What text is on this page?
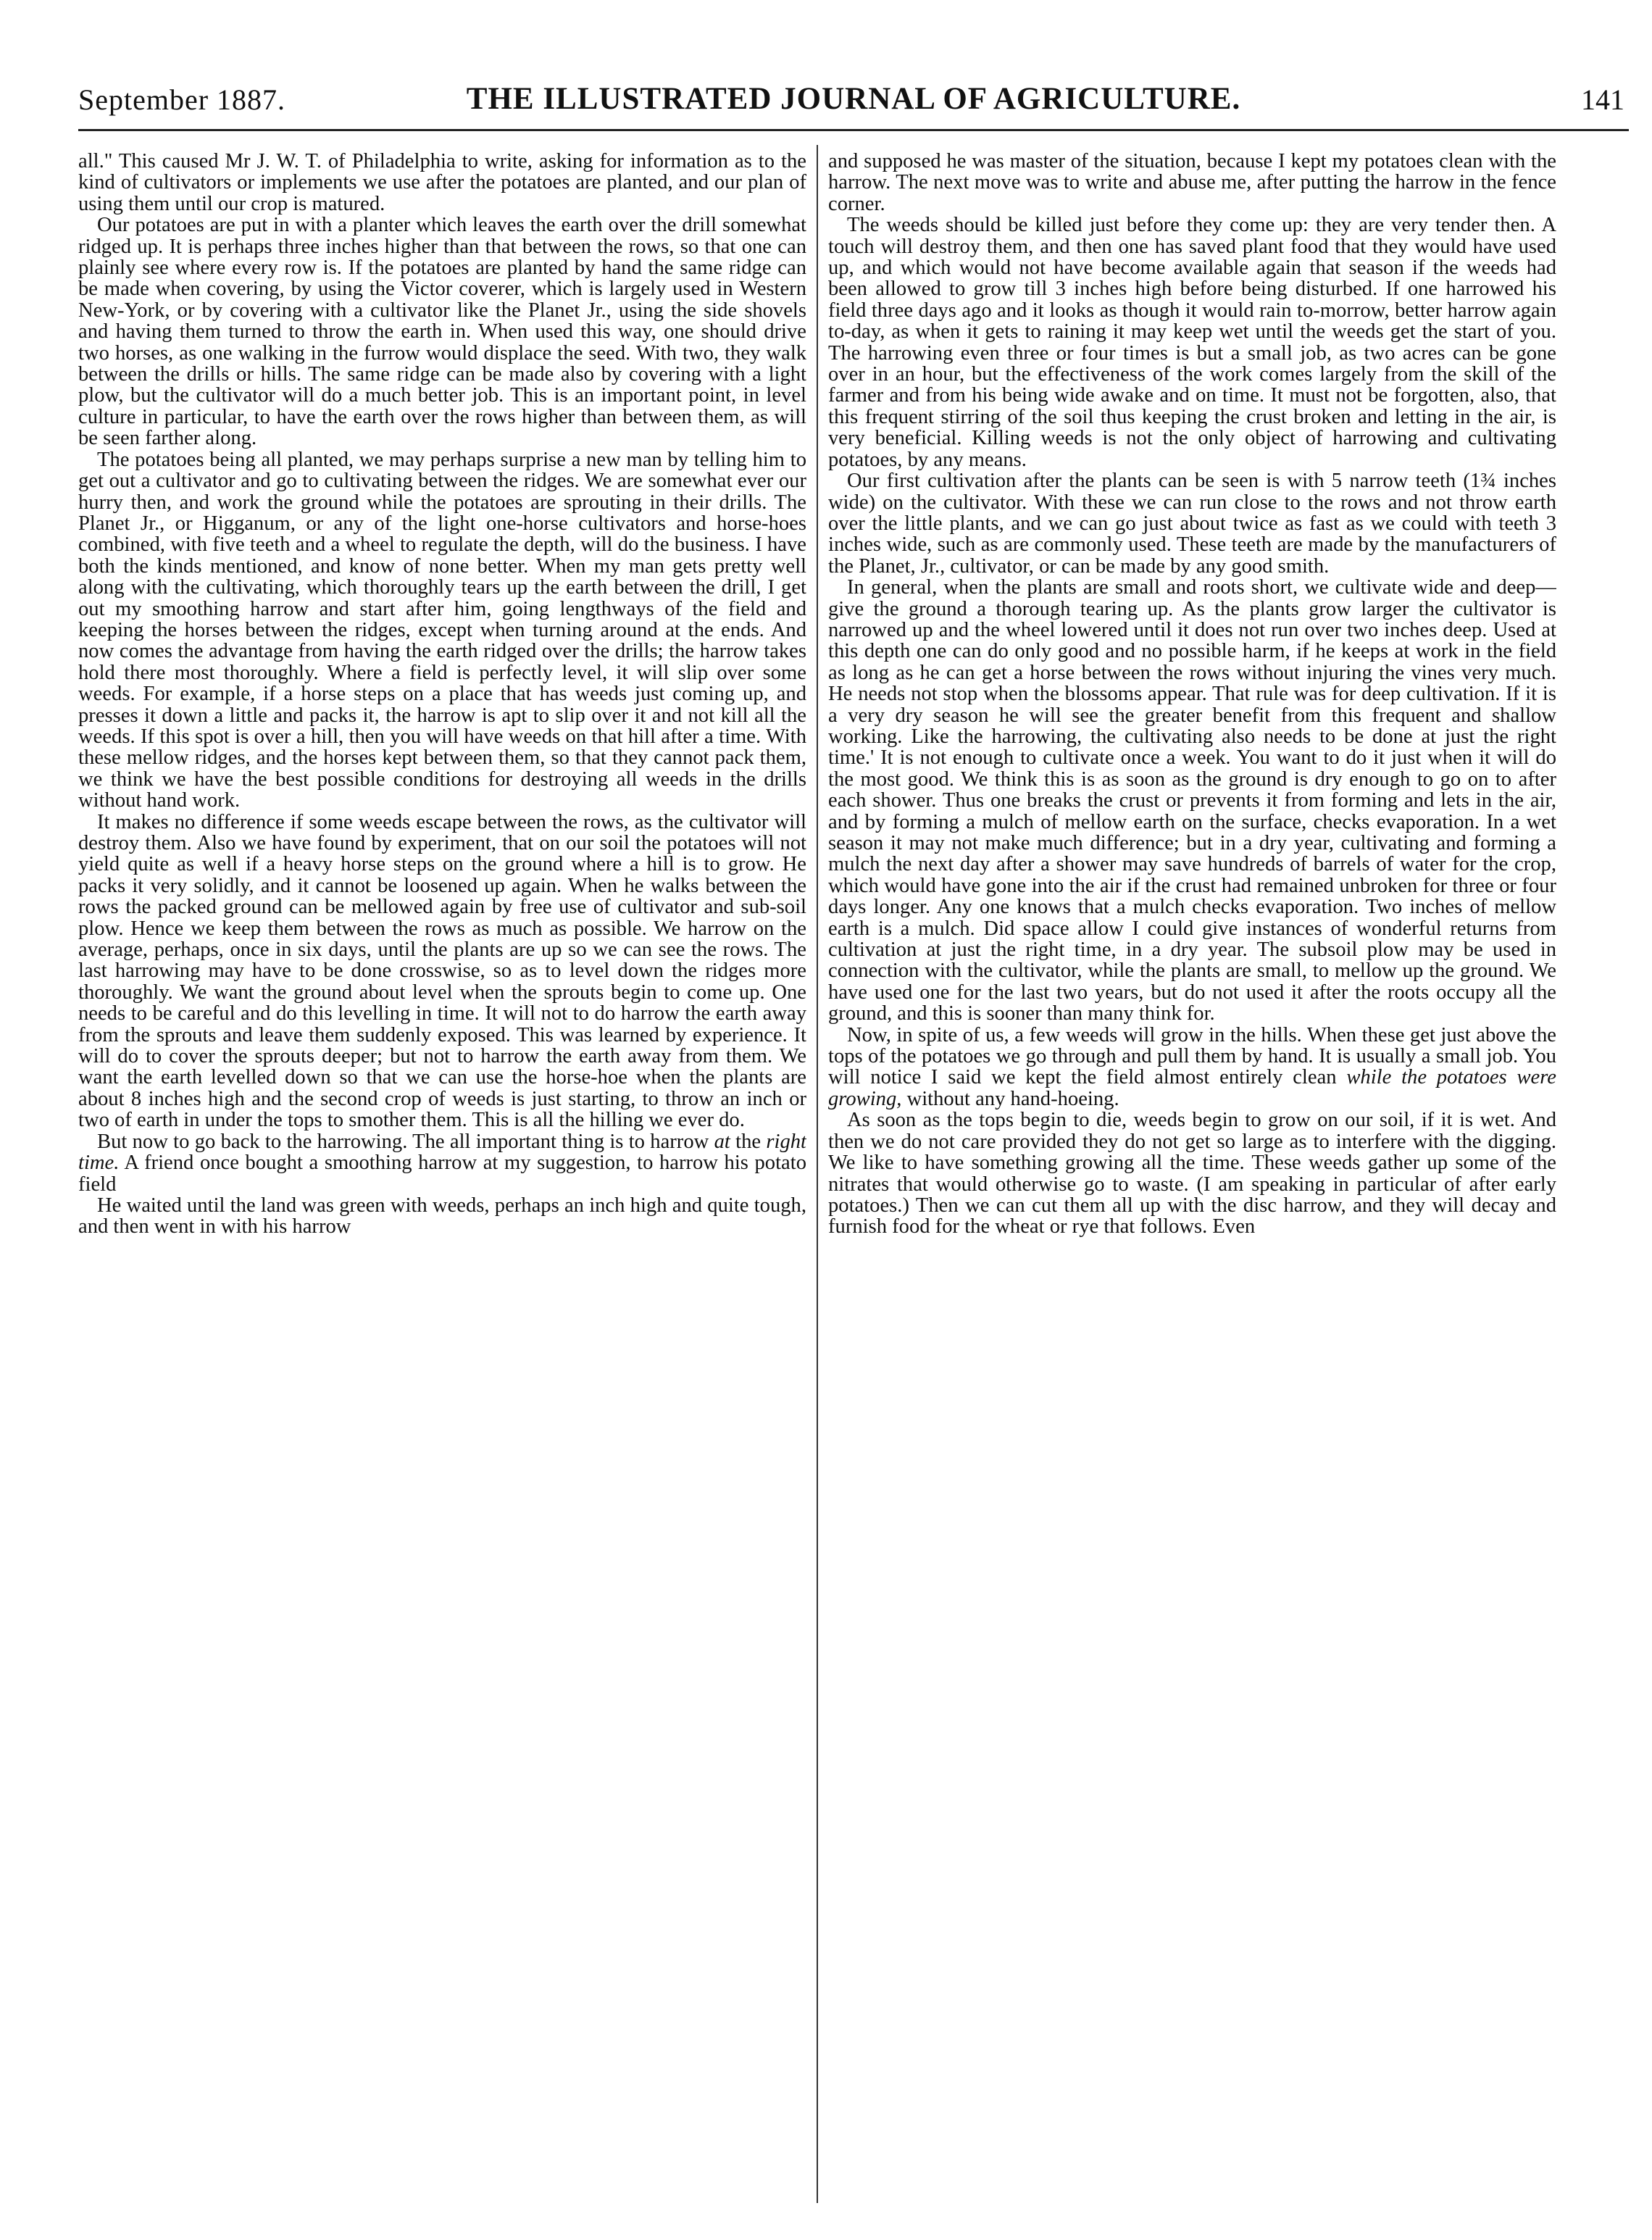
September 1887.	THE ILLUSTRATED JOURNAL OF AGRICULTURE.	141

all." This caused Mr J. W. T. of Philadelphia to write, asking for information as to the kind of cultivators or implements we use after the potatoes are planted, and our plan of using them until our crop is matured.

Our potatoes are put in with a planter which leaves the earth over the drill somewhat ridged up. It is perhaps three inches higher than that between the rows, so that one can plainly see where every row is. If the potatoes are planted by hand the same ridge can be made when covering, by using the Victor coverer, which is largely used in Western New-York, or by covering with a cultivator like the Planet Jr., using the side shovels and having them turned to throw the earth in. When used this way, one should drive two horses, as one walking in the furrow would displace the seed. With two, they walk between the drills or hills. The same ridge can be made also by covering with a light plow, but the cultivator will do a much better job. This is an important point, in level culture in particular, to have the earth over the rows higher than between them, as will be seen farther along.

The potatoes being all planted, we may perhaps surprise a new man by telling him to get out a cultivator and go to cultivating between the ridges. We are somewhat ever our hurry then, and work the ground while the potatoes are sprouting in their drills. The Planet Jr., or Higganum, or any of the light one-horse cultivators and horse-hoes combined, with five teeth and a wheel to regulate the depth, will do the business. I have both the kinds mentioned, and know of none better. When my man gets pretty well along with the cultivating, which thoroughly tears up the earth between the drill, I get out my smoothing harrow and start after him, going lengthways of the field and keeping the horses between the ridges, except when turning around at the ends. And now comes the advantage from having the earth ridged over the drills; the harrow takes hold there most thoroughly. Where a field is perfectly level, it will slip over some weeds. For example, if a horse steps on a place that has weeds just coming up, and presses it down a little and packs it, the harrow is apt to slip over it and not kill all the weeds. If this spot is over a hill, then you will have weeds on that hill after a time. With these mellow ridges, and the horses kept between them, so that they cannot pack them, we think we have the best possible conditions for destroying all weeds in the drills without hand work.

It makes no difference if some weeds escape between the rows, as the cultivator will destroy them. Also we have found by experiment, that on our soil the potatoes will not yield quite as well if a heavy horse steps on the ground where a hill is to grow. He packs it very solidly, and it cannot be loosened up again. When he walks between the rows the packed ground can be mellowed again by free use of cultivator and sub-soil plow. Hence we keep them between the rows as much as possible. We harrow on the average, perhaps, once in six days, until the plants are up so we can see the rows. The last harrowing may have to be done crosswise, so as to level down the ridges more thoroughly. We want the ground about level when the sprouts begin to come up. One needs to be careful and do this levelling in time. It will not to do harrow the earth away from the sprouts and leave them suddenly exposed. This was learned by experience. It will do to cover the sprouts deeper; but not to harrow the earth away from them. We want the earth levelled down so that we can use the horse-hoe when the plants are about 8 inches high and the second crop of weeds is just starting, to throw an inch or two of earth in under the tops to smother them. This is all the hilling we ever do.

But now to go back to the harrowing. The all important thing is to harrow at the right time. A friend once bought a smoothing harrow at my suggestion, to harrow his potato field

He waited until the land was green with weeds, perhaps an inch high and quite tough, and then went in with his harrow

and supposed he was master of the situation, because I kept my potatoes clean with the harrow. The next move was to write and abuse me, after putting the harrow in the fence corner.

The weeds should be killed just before they come up: they are very tender then. A touch will destroy them, and then one has saved plant food that they would have used up, and which would not have become available again that season if the weeds had been allowed to grow till 3 inches high before being disturbed. If one harrowed his field three days ago and it looks as though it would rain to-morrow, better harrow again to-day, as when it gets to raining it may keep wet until the weeds get the start of you. The harrowing even three or four times is but a small job, as two acres can be gone over in an hour, but the effectiveness of the work comes largely from the skill of the farmer and from his being wide awake and on time. It must not be forgotten, also, that this frequent stirring of the soil thus keeping the crust broken and letting in the air, is very beneficial. Killing weeds is not the only object of harrowing and cultivating potatoes, by any means.

Our first cultivation after the plants can be seen is with 5 narrow teeth (1¾ inches wide) on the cultivator. With these we can run close to the rows and not throw earth over the little plants, and we can go just about twice as fast as we could with teeth 3 inches wide, such as are commonly used. These teeth are made by the manufacturers of the Planet, Jr., cultivator, or can be made by any good smith.

In general, when the plants are small and roots short, we cultivate wide and deep—give the ground a thorough tearing up. As the plants grow larger the cultivator is narrowed up and the wheel lowered until it does not run over two inches deep. Used at this depth one can do only good and no possible harm, if he keeps at work in the field as long as he can get a horse between the rows without injuring the vines very much. He needs not stop when the blossoms appear. That rule was for deep cultivation. If it is a very dry season he will see the greater benefit from this frequent and shallow working. Like the harrowing, the cultivating also needs to be done at just the right time.' It is not enough to cultivate once a week. You want to do it just when it will do the most good. We think this is as soon as the ground is dry enough to go on to after each shower. Thus one breaks the crust or prevents it from forming and lets in the air, and by forming a mulch of mellow earth on the surface, checks evaporation. In a wet season it may not make much difference; but in a dry year, cultivating and forming a mulch the next day after a shower may save hundreds of barrels of water for the crop, which would have gone into the air if the crust had remained unbroken for three or four days longer. Any one knows that a mulch checks evaporation. Two inches of mellow earth is a mulch. Did space allow I could give instances of wonderful returns from cultivation at just the right time, in a dry year. The subsoil plow may be used in connection with the cultivator, while the plants are small, to mellow up the ground. We have used one for the last two years, but do not used it after the roots occupy all the ground, and this is sooner than many think for.

Now, in spite of us, a few weeds will grow in the hills. When these get just above the tops of the potatoes we go through and pull them by hand. It is usually a small job. You will notice I said we kept the field almost entirely clean while the potatoes were growing, without any hand-hoeing.

As soon as the tops begin to die, weeds begin to grow on our soil, if it is wet. And then we do not care provided they do not get so large as to interfere with the digging. We like to have something growing all the time. These weeds gather up some of the nitrates that would otherwise go to waste. (I am speaking in particular of after early potatoes.) Then we can cut them all up with the disc harrow, and they will decay and furnish food for the wheat or rye that follows. Even
